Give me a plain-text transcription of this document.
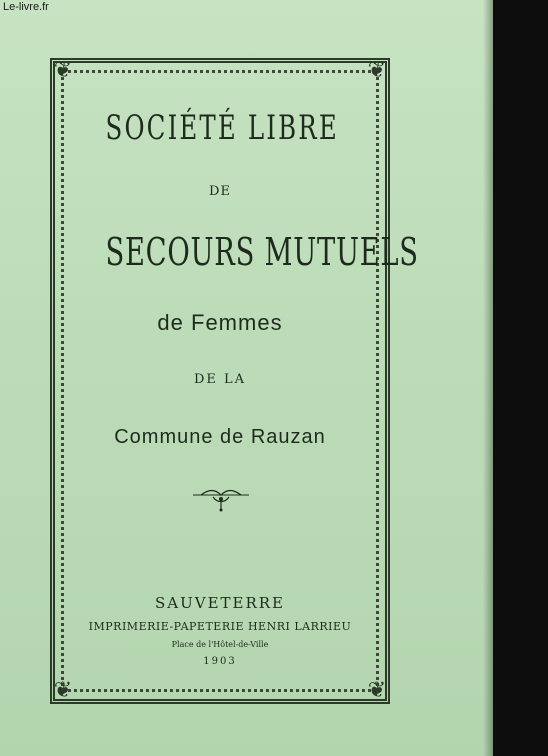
Le-livre.fr
❦	❦
❦	❦
SOCIÉTÉ LIBRE
DE
SECOURS MUTUELS
de Femmes
DE LA
Commune de Rauzan
SAUVETERRE
IMPRIMERIE-PAPETERIE HENRI LARRIEU
Place de l'Hôtel-de-Ville
1903
